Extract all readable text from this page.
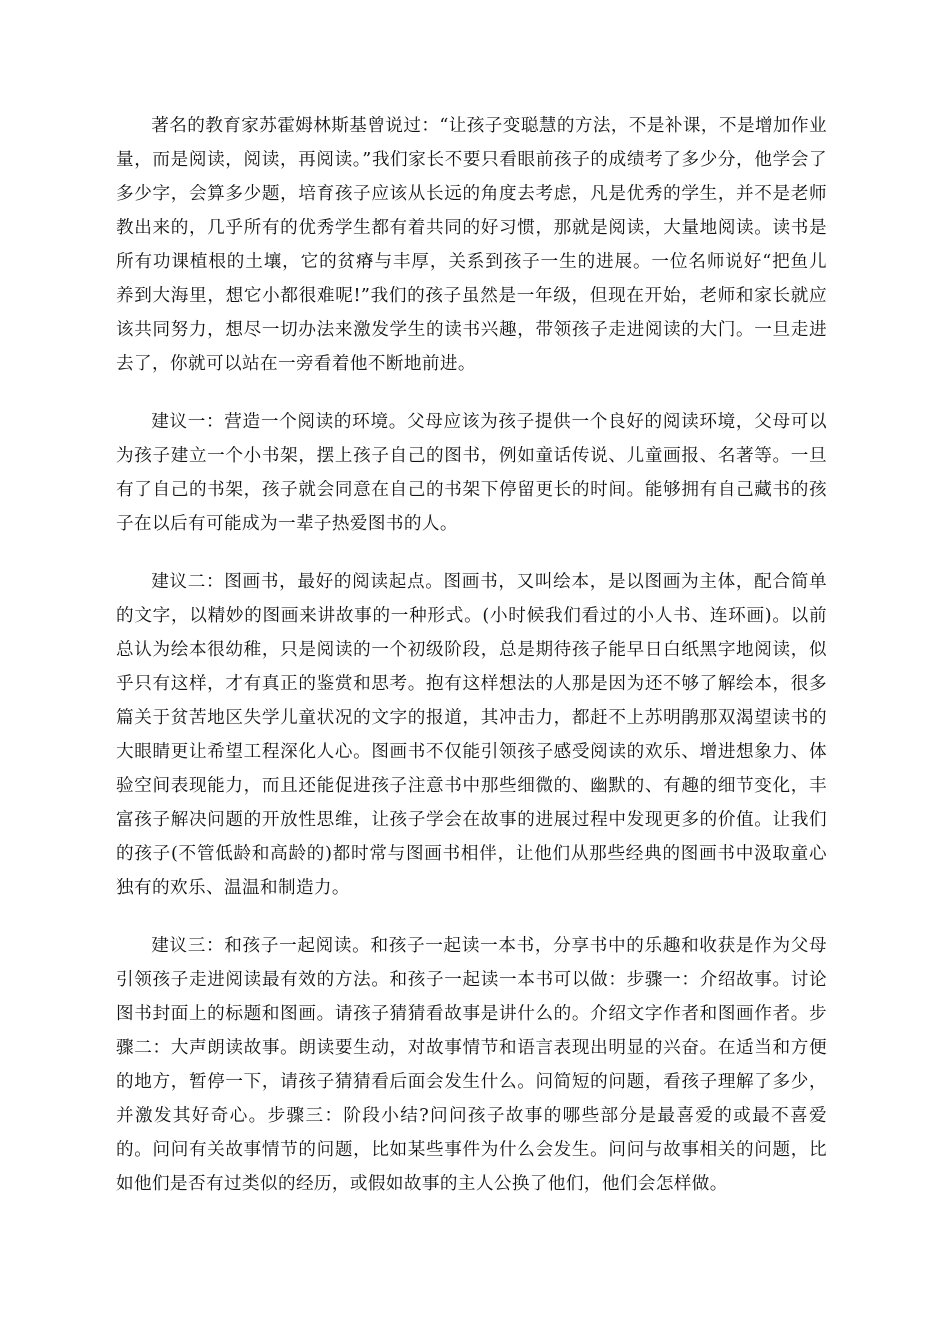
著名的教育家苏霍姆林斯基曾说过：“让孩子变聪慧的方法，不是补课，不是增加作业量，而是阅读，阅读，再阅读。”我们家长不要只看眼前孩子的成绩考了多少分，他学会了多少字，会算多少题，培育孩子应该从长远的角度去考虑，凡是优秀的学生，并不是老师教出来的，几乎所有的优秀学生都有着共同的好习惯，那就是阅读，大量地阅读。读书是所有功课植根的土壤，它的贫瘠与丰厚，关系到孩子一生的进展。一位名师说好“把鱼儿养到大海里，想它小都很难呢!”我们的孩子虽然是一年级，但现在开始，老师和家长就应该共同努力，想尽一切办法来激发学生的读书兴趣，带领孩子走进阅读的大门。一旦走进去了，你就可以站在一旁看着他不断地前进。

建议一：营造一个阅读的环境。父母应该为孩子提供一个良好的阅读环境，父母可以为孩子建立一个小书架，摆上孩子自己的图书，例如童话传说、儿童画报、名著等。一旦有了自己的书架，孩子就会同意在自己的书架下停留更长的时间。能够拥有自己藏书的孩子在以后有可能成为一辈子热爱图书的人。

建议二：图画书，最好的阅读起点。图画书，又叫绘本，是以图画为主体，配合简单的文字，以精妙的图画来讲故事的一种形式。(小时候我们看过的小人书、连环画)。以前总认为绘本很幼稚，只是阅读的一个初级阶段，总是期待孩子能早日白纸黑字地阅读，似乎只有这样，才有真正的鉴赏和思考。抱有这样想法的人那是因为还不够了解绘本，很多篇关于贫苦地区失学儿童状况的文字的报道，其冲击力，都赶不上苏明鹃那双渴望读书的大眼睛更让希望工程深化人心。图画书不仅能引领孩子感受阅读的欢乐、增进想象力、体验空间表现能力，而且还能促进孩子注意书中那些细微的、幽默的、有趣的细节变化，丰富孩子解决问题的开放性思维，让孩子学会在故事的进展过程中发现更多的价值。让我们的孩子(不管低龄和高龄的)都时常与图画书相伴，让他们从那些经典的图画书中汲取童心独有的欢乐、温温和制造力。

建议三：和孩子一起阅读。和孩子一起读一本书，分享书中的乐趣和收获是作为父母引领孩子走进阅读最有效的方法。和孩子一起读一本书可以做：步骤一：介绍故事。讨论图书封面上的标题和图画。请孩子猜猜看故事是讲什么的。介绍文字作者和图画作者。步骤二：大声朗读故事。朗读要生动，对故事情节和语言表现出明显的兴奋。在适当和方便的地方，暂停一下，请孩子猜猜看后面会发生什么。问简短的问题，看孩子理解了多少，并激发其好奇心。步骤三：阶段小结?问问孩子故事的哪些部分是最喜爱的或最不喜爱的。问问有关故事情节的问题，比如某些事件为什么会发生。问问与故事相关的问题，比如他们是否有过类似的经历，或假如故事的主人公换了他们，他们会怎样做。
